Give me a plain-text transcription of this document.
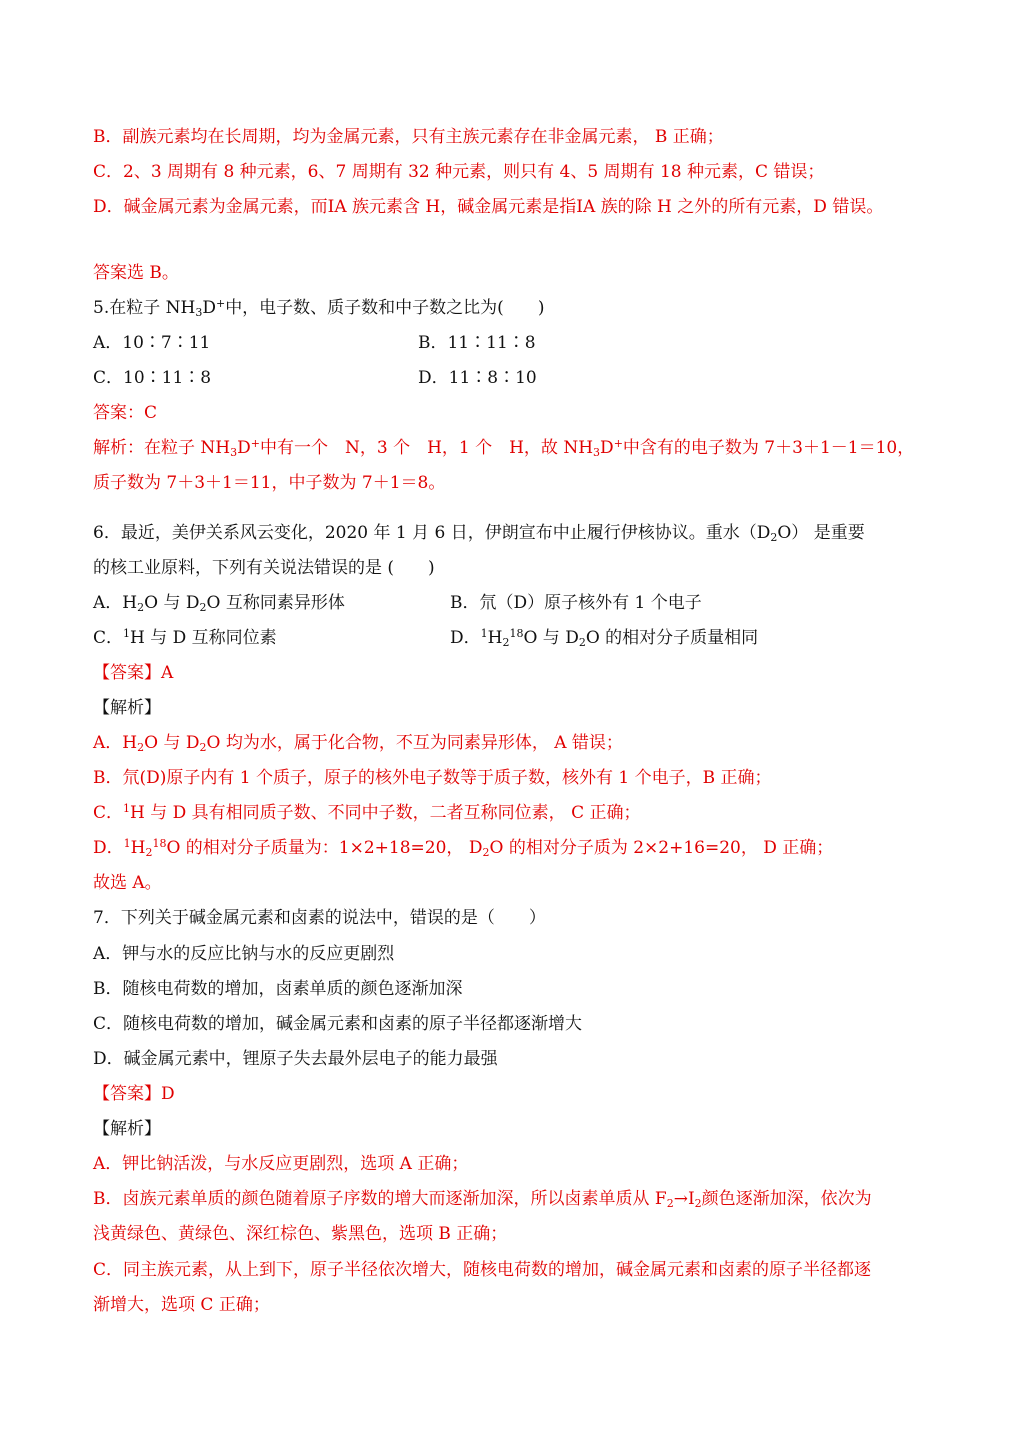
B．副族元素均在长周期，均为金属元素，只有主族元素存在非金属元素， B 正确；
C．2、3 周期有 8 种元素，6、7 周期有 32 种元素，则只有 4、5 周期有 18 种元素，C 错误；
D．碱金属元素为金属元素，而ⅠA 族元素含 H，碱金属元素是指ⅠA 族的除 H 之外的所有元素，D 错误。
答案选 B。
5.在粒子 $NH_3D^+$中，电子数、质子数和中子数之比为(　　)
A．10∶7∶11	B．11∶11∶8
C．10∶11∶8	D．11∶8∶10
答案：C
解析：在粒子 $NH_3D^+$中有一个　N，3 个　H，1 个　H，故 $NH_3D^+$中含有的电子数为 7＋3＋1－1＝10，
质子数为 7＋3＋1＝11，中子数为 7＋1＝8。
6．最近，美伊关系风云变化，2020 年 1 月 6 日，伊朗宣布中止履行伊核协议。重水$(D_2O)$ 是重要
的核工业原料，下列有关说法错误的是 (　　)
A．$H_2O$ 与 $D_2O$ 互称同素异形体	B．氘（D）原子核外有 1 个电子
C．$^1$H 与 D 互称同位素	D．$^1H_2^{18}O$ 与 $D_2O$ 的相对分子质量相同
【答案】A
【解析】
A．$H_2O$ 与 $D_2O$ 均为水，属于化合物，不互为同素异形体， A 错误；
B．氘(D)原子内有 1 个质子，原子的核外电子数等于质子数，核外有 1 个电子，B 正确；
C．$^1$H 与 D 具有相同质子数、不同中子数，二者互称同位素， C 正确；
D．$^1H_2^{18}O$ 的相对分子质量为：1×2+18=20， $D_2O$ 的相对分子质为 2×2+16=20， D 正确；
故选 A。
7．下列关于碱金属元素和卤素的说法中，错误的是（　　）
A．钾与水的反应比钠与水的反应更剧烈
B．随核电荷数的增加，卤素单质的颜色逐渐加深
C．随核电荷数的增加，碱金属元素和卤素的原子半径都逐渐增大
D．碱金属元素中，锂原子失去最外层电子的能力最强
【答案】D
【解析】
A．钾比钠活泼，与水反应更剧烈，选项 A 正确；
B．卤族元素单质的颜色随着原子序数的增大而逐渐加深，所以卤素单质从 $F_2\to I_2$颜色逐渐加深，依次为
浅黄绿色、黄绿色、深红棕色、紫黑色，选项 B 正确；
C．同主族元素，从上到下，原子半径依次增大，随核电荷数的增加，碱金属元素和卤素的原子半径都逐
渐增大，选项 C 正确；
